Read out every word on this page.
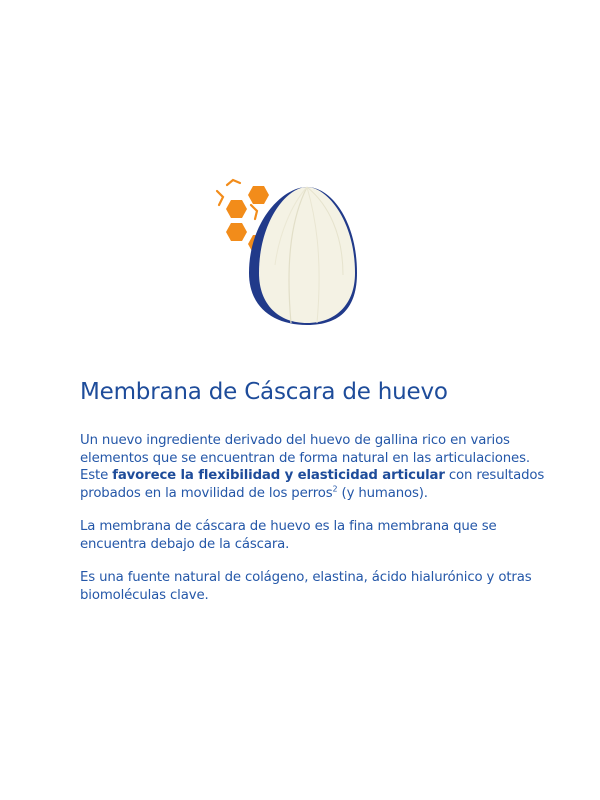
Membrana de Cáscara de huevo

Un nuevo ingrediente derivado del huevo de gallina rico en varios
elementos que se encuentran de forma natural en las articulaciones.
Este favorece la flexibilidad y elasticidad articular con resultados
probados en la movilidad de los perros$^2$ (y humanos).

La membrana de cáscara de huevo es la fina membrana que se
encuentra debajo de la cáscara.

Es una fuente natural de colágeno, elastina, ácido hialurónico y otras
biomoléculas clave.
